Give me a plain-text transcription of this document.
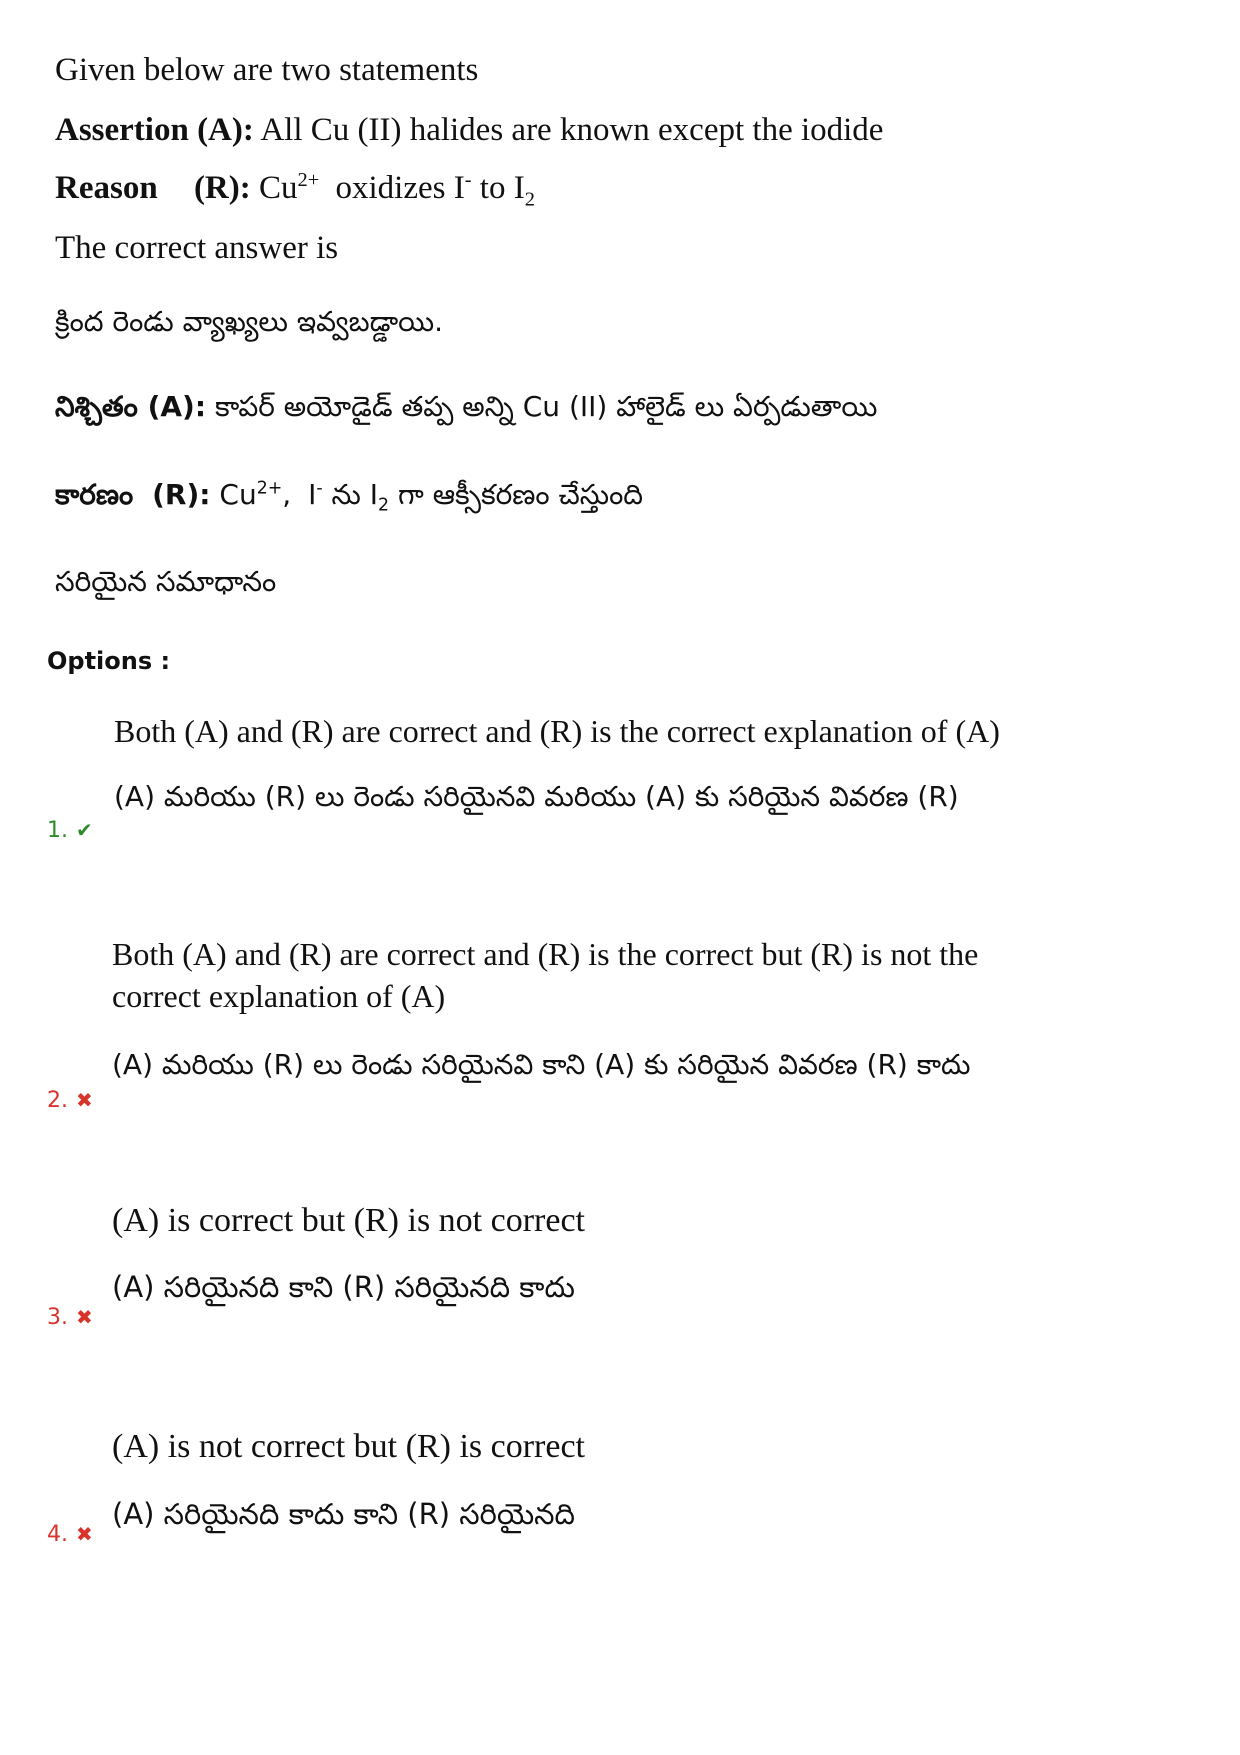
Given below are two statements
Assertion (A): All Cu (II) halides are known except the iodide
Reason (R): $Cu^{2+}$ oxidizes I- to $I_2$
The correct answer is
క్రింద రెండు వ్యాఖ్యలు ఇవ్వబడ్డాయి.
నిశ్చితం (A): కాపర్ అయోడైడ్ తప్ప అన్ని Cu (II) హాలైడ్ లు ఏర్పడుతాయి
కారణం (R): $Cu^{2+}$, I- ను $I_2$ గా ఆక్సీకరణం చేస్తుంది
సరియైన సమాధానం
Options :
Both (A) and (R) are correct and (R) is the correct explanation of (A)
(A) మరియు (R) లు రెండు సరియైనవి మరియు (A) కు సరియైన వివరణ (R)
1. ✔
Both (A) and (R) are correct and (R) is the correct but (R) is not the correct explanation of (A)
(A) మరియు (R) లు రెండు సరియైనవి కాని (A) కు సరియైన వివరణ (R) కాదు
2. ✖
(A) is correct but (R) is not correct
(A) సరియైనది కాని (R) సరియైనది కాదు
3. ✖
(A) is not correct but (R) is correct
(A) సరియైనది కాదు కాని (R) సరియైనది
4. ✖
